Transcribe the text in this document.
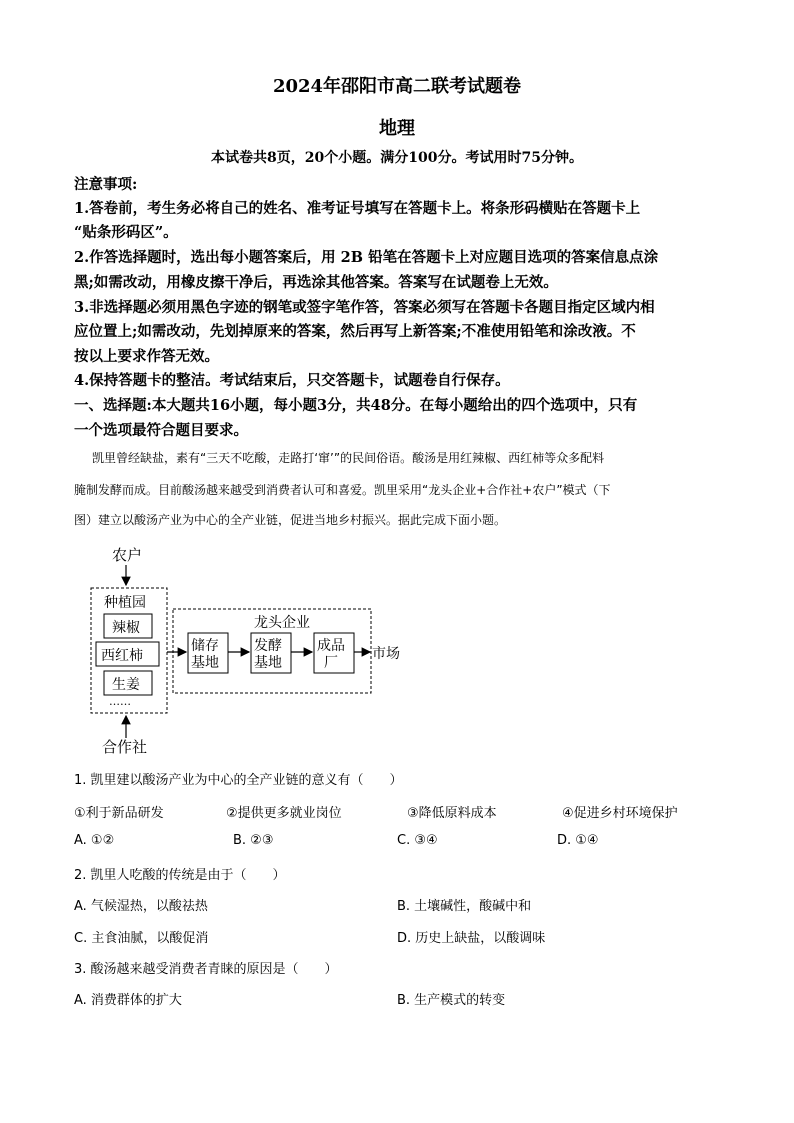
2024年邵阳市高二联考试题卷
地理
本试卷共8页，20个小题。满分100分。考试用时75分钟。
注意事项:
1.答卷前，考生务必将自己的姓名、准考证号填写在答题卡上。将条形码横贴在答题卡上
“贴条形码区”。
2.作答选择题时，选出每小题答案后，用 2B 铅笔在答题卡上对应题目选项的答案信息点涂
黑;如需改动，用橡皮擦干净后，再选涂其他答案。答案写在试题卷上无效。
3.非选择题必须用黑色字迹的钢笔或签字笔作答，答案必须写在答题卡各题目指定区域内相
应位置上;如需改动，先划掉原来的答案，然后再写上新答案;不准使用铅笔和涂改液。不
按以上要求作答无效。
4.保持答题卡的整洁。考试结束后，只交答题卡，试题卷自行保存。
一、选择题:本大题共16小题，每小题3分，共48分。在每小题给出的四个选项中，只有
一个选项最符合题目要求。
凯里曾经缺盐，素有“三天不吃酸，走路打‘窜’”的民间俗语。酸汤是用红辣椒、西红柿等众多配料
腌制发酵而成。目前酸汤越来越受到消费者认可和喜爱。凯里采用“龙头企业+合作社+农户”模式（下
图）建立以酸汤产业为中心的全产业链，促进当地乡村振兴。据此完成下面小题。
农户
种植园
辣椒
西红柿
生姜
……
合作社
龙头企业
储存
基地
发酵
基地
成品
厂
市场
1. 凯里建以酸汤产业为中心的全产业链的意义有（　　）
①利于新品研发	②提供更多就业岗位	③降低原料成本	④促进乡村环境保护
A. ①②	B. ②③	C. ③④	D. ①④
2. 凯里人吃酸的传统是由于（　　）
A. 气候湿热，以酸祛热	B. 土壤碱性，酸碱中和
C. 主食油腻，以酸促消	D. 历史上缺盐，以酸调味
3. 酸汤越来越受消费者青睐的原因是（　　）
A. 消费群体的扩大	B. 生产模式的转变
